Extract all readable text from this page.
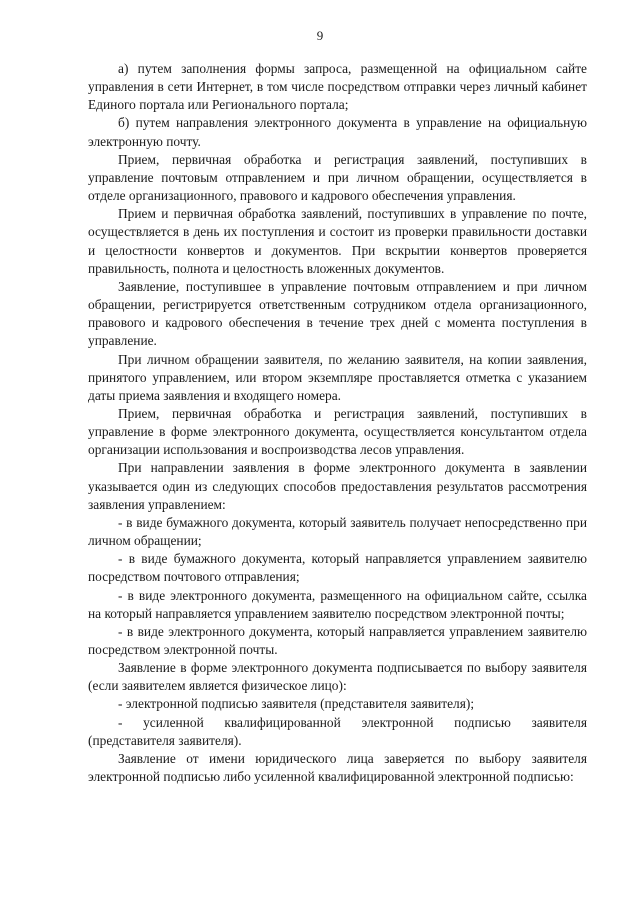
9

а) путем заполнения формы запроса, размещенной на официальном сайте управления в сети Интернет, в том числе посредством отправки через личный кабинет Единого портала или Регионального портала;

б) путем направления электронного документа в управление на официальную электронную почту.

Прием, первичная обработка и регистрация заявлений, поступивших в управление почтовым отправлением и при личном обращении, осуществляется в отделе организационного, правового и кадрового обеспечения управления.

Прием и первичная обработка заявлений, поступивших в управление по почте, осуществляется в день их поступления и состоит из проверки правильности доставки и целостности конвертов и документов. При вскрытии конвертов проверяется правильность, полнота и целостность вложенных документов.

Заявление, поступившее в управление почтовым отправлением и при личном обращении, регистрируется ответственным сотрудником отдела организационного, правового и кадрового обеспечения в течение трех дней с момента поступления в управление.

При личном обращении заявителя, по желанию заявителя, на копии заявления, принятого управлением, или втором экземпляре проставляется отметка с указанием даты приема заявления и входящего номера.

Прием, первичная обработка и регистрация заявлений, поступивших в управление в форме электронного документа, осуществляется консультантом отдела организации использования и воспроизводства лесов управления.

При направлении заявления в форме электронного документа в заявлении указывается один из следующих способов предоставления результатов рассмотрения заявления управлением:

- в виде бумажного документа, который заявитель получает непосредственно при личном обращении;

- в виде бумажного документа, который направляется управлением заявителю посредством почтового отправления;

- в виде электронного документа, размещенного на официальном сайте, ссылка на который направляется управлением заявителю посредством электронной почты;

- в виде электронного документа, который направляется управлением заявителю посредством электронной почты.

Заявление в форме электронного документа подписывается по выбору заявителя (если заявителем является физическое лицо):

- электронной подписью заявителя (представителя заявителя);

- усиленной квалифицированной электронной подписью заявителя (представителя заявителя).

Заявление от имени юридического лица заверяется по выбору заявителя электронной подписью либо усиленной квалифицированной электронной подписью:
